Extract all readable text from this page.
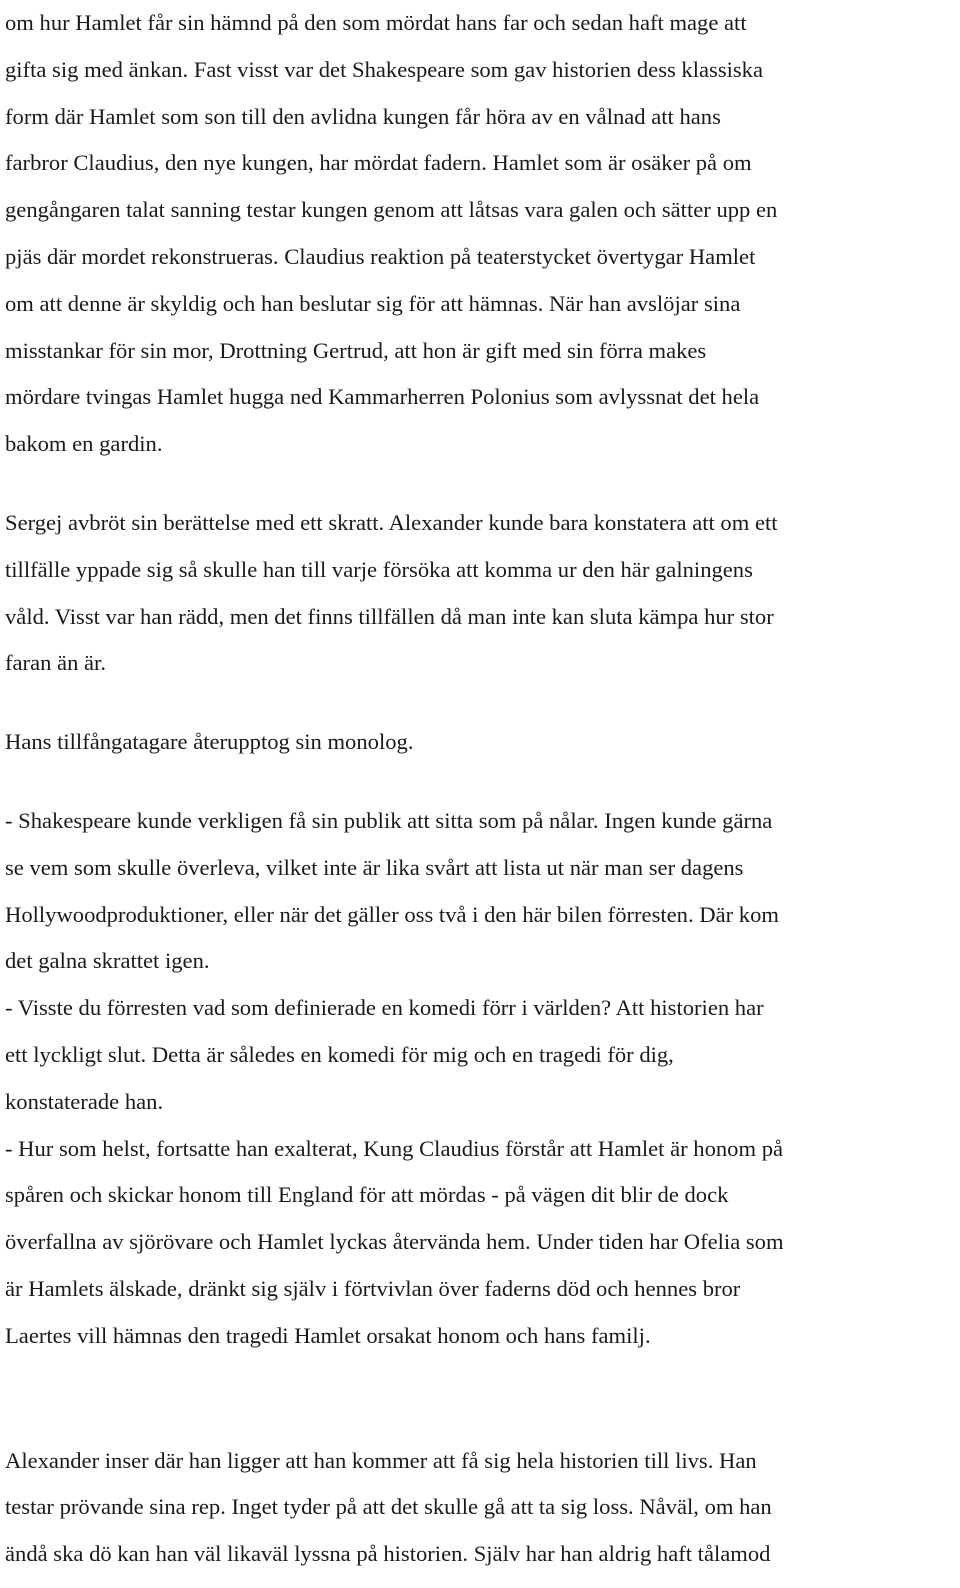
om hur Hamlet får sin hämnd på den som mördat hans far och sedan haft mage att
gifta sig med änkan. Fast visst var det Shakespeare som gav historien dess klassiska
form där Hamlet som son till den avlidna kungen får höra av en vålnad att hans
farbror Claudius, den nye kungen, har mördat fadern. Hamlet som är osäker på om
gengångaren talat sanning testar kungen genom att låtsas vara galen och sätter upp en
pjäs där mordet rekonstrueras. Claudius reaktion på teaterstycket övertygar Hamlet
om att denne är skyldig och han beslutar sig för att hämnas. När han avslöjar sina
misstankar för sin mor, Drottning Gertrud, att hon är gift med sin förra makes
mördare tvingas Hamlet hugga ned Kammarherren Polonius som avlyssnat det hela
bakom en gardin.

Sergej avbröt sin berättelse med ett skratt. Alexander kunde bara konstatera att om ett
tillfälle yppade sig så skulle han till varje försöka att komma ur den här galningens
våld. Visst var han rädd, men det finns tillfällen då man inte kan sluta kämpa hur stor
faran än är.

Hans tillfångatagare återupptog sin monolog.

- Shakespeare kunde verkligen få sin publik att sitta som på nålar. Ingen kunde gärna
se vem som skulle överleva, vilket inte är lika svårt att lista ut när man ser dagens
Hollywoodproduktioner, eller när det gäller oss två i den här bilen förresten. Där kom
det galna skrattet igen.
- Visste du förresten vad som definierade en komedi förr i världen? Att historien har
ett lyckligt slut. Detta är således en komedi för mig och en tragedi för dig,
konstaterade han.
- Hur som helst, fortsatte han exalterat, Kung Claudius förstår att Hamlet är honom på
spåren och skickar honom till England för att mördas - på vägen dit blir de dock
överfallna av sjörövare och Hamlet lyckas återvända hem. Under tiden har Ofelia som
är Hamlets älskade, dränkt sig själv i förtvivlan över faderns död och hennes bror
Laertes vill hämnas den tragedi Hamlet orsakat honom och hans familj.

Alexander inser där han ligger att han kommer att få sig hela historien till livs. Han
testar prövande sina rep. Inget tyder på att det skulle gå att ta sig loss. Nåväl, om han
ändå ska dö kan han väl likaväl lyssna på historien. Själv har han aldrig haft tålamod
